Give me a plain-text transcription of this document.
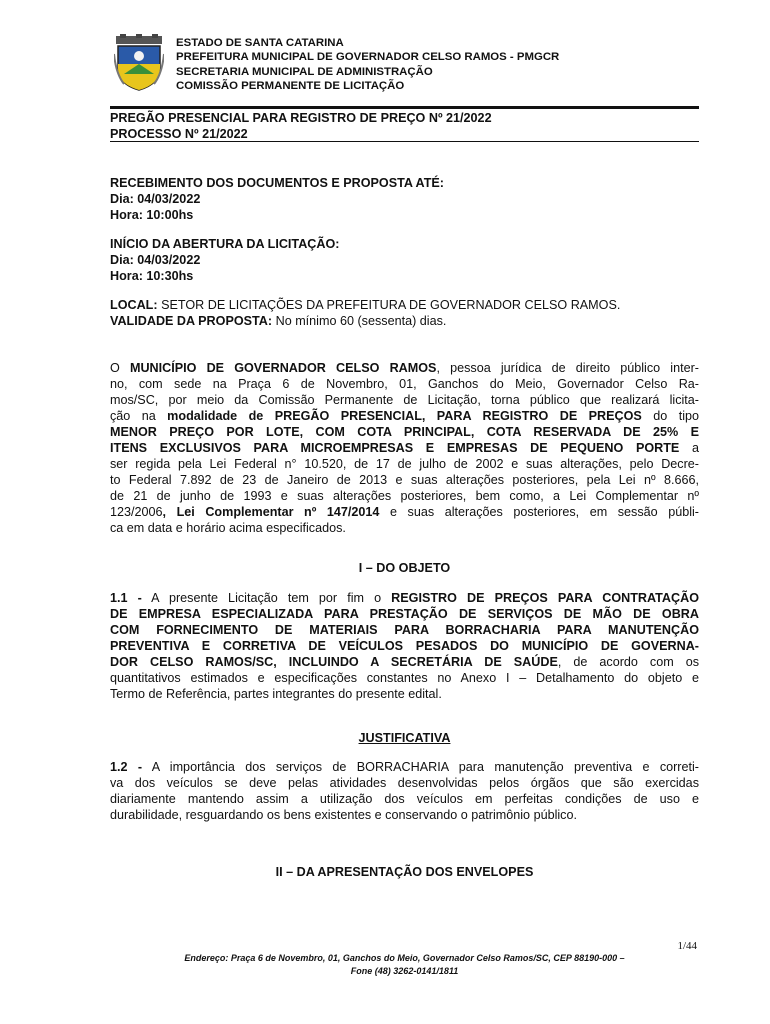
ESTADO DE SANTA CATARINA
PREFEITURA MUNICIPAL DE GOVERNADOR CELSO RAMOS - PMGCR
SECRETARIA MUNICIPAL DE ADMINISTRAÇÃO
COMISSÃO PERMANENTE DE LICITAÇÃO
PREGÃO PRESENCIAL PARA REGISTRO DE PREÇO Nº 21/2022
PROCESSO Nº 21/2022
RECEBIMENTO DOS DOCUMENTOS E PROPOSTA ATÉ:
Dia: 04/03/2022
Hora: 10:00hs
INÍCIO DA ABERTURA DA LICITAÇÃO:
Dia: 04/03/2022
Hora: 10:30hs
LOCAL: SETOR DE LICITAÇÕES DA PREFEITURA DE GOVERNADOR CELSO RAMOS.
VALIDADE DA PROPOSTA: No mínimo 60 (sessenta) dias.
O MUNICÍPIO DE GOVERNADOR CELSO RAMOS, pessoa jurídica de direito público inter-
no, com sede na Praça 6 de Novembro, 01, Ganchos do Meio, Governador Celso Ra-
mos/SC, por meio da Comissão Permanente de Licitação, torna público que realizará licita-
ção na modalidade de PREGÃO PRESENCIAL, PARA REGISTRO DE PREÇOS do tipo
MENOR PREÇO POR LOTE, COM COTA PRINCIPAL, COTA RESERVADA DE 25% E
ITENS EXCLUSIVOS PARA MICROEMPRESAS E EMPRESAS DE PEQUENO PORTE a
ser regida pela Lei Federal n° 10.520, de 17 de julho de 2002 e suas alterações, pelo Decre-
to Federal 7.892 de 23 de Janeiro de 2013 e suas alterações posteriores, pela Lei nº 8.666,
de 21 de junho de 1993 e suas alterações posteriores, bem como, a Lei Complementar nº
123/2006, Lei Complementar nº 147/2014 e suas alterações posteriores, em sessão públi-
ca em data e horário acima especificados.
I – DO OBJETO
1.1 - A presente Licitação tem por fim o REGISTRO DE PREÇOS PARA CONTRATAÇÃO
DE EMPRESA ESPECIALIZADA PARA PRESTAÇÃO DE SERVIÇOS DE MÃO DE OBRA
COM FORNECIMENTO DE MATERIAIS PARA BORRACHARIA PARA MANUTENÇÃO
PREVENTIVA E CORRETIVA DE VEÍCULOS PESADOS DO MUNICÍPIO DE GOVERNA-
DOR CELSO RAMOS/SC, INCLUINDO A SECRETÁRIA DE SAÚDE, de acordo com os
quantitativos estimados e especificações constantes no Anexo I – Detalhamento do objeto e
Termo de Referência, partes integrantes do presente edital.
JUSTIFICATIVA
1.2 - A importância dos serviços de BORRACHARIA para manutenção preventiva e correti-
va dos veículos se deve pelas atividades desenvolvidas pelos órgãos que são exercidas
diariamente mantendo assim a utilização dos veículos em perfeitas condições de uso e
durabilidade, resguardando os bens existentes e conservando o patrimônio público.
II – DA APRESENTAÇÃO DOS ENVELOPES
1/44
Endereço: Praça 6 de Novembro, 01, Ganchos do Meio, Governador Celso Ramos/SC, CEP 88190-000 –
Fone (48) 3262-0141/1811
